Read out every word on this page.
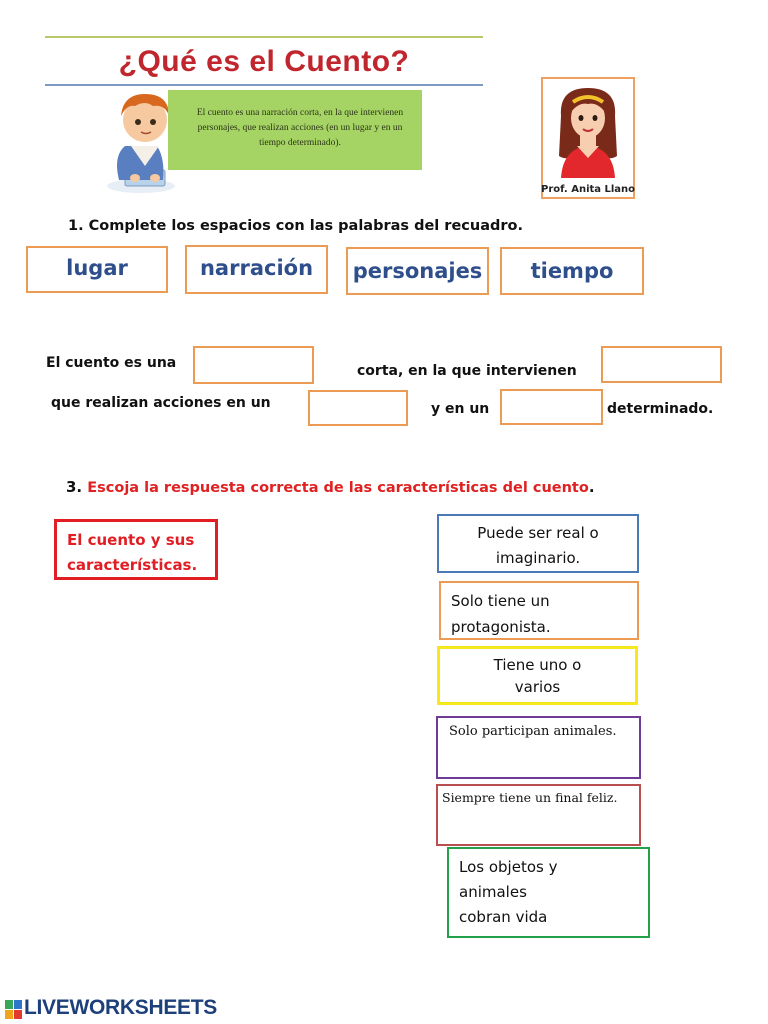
¿Qué es el Cuento?
El cuento es una narración corta, en la que intervienen personajes, que realizan acciones (en un lugar y en un tiempo determinado).
Prof. Anita Llano
1. Complete los espacios con las palabras del recuadro.
lugar	narración	personajes	tiempo
El cuento es una	corta, en la que intervienen
que realizan acciones en un	y en un	determinado.
3. Escoja la respuesta correcta de las características del cuento.
El cuento y sus características.
Puede ser real o imaginario.
Solo tiene un protagonista.
Tiene uno o varios
Solo participan animales.
Siempre tiene un final feliz.
Los objetos y animales cobran vida
LIVEWORKSHEETS
